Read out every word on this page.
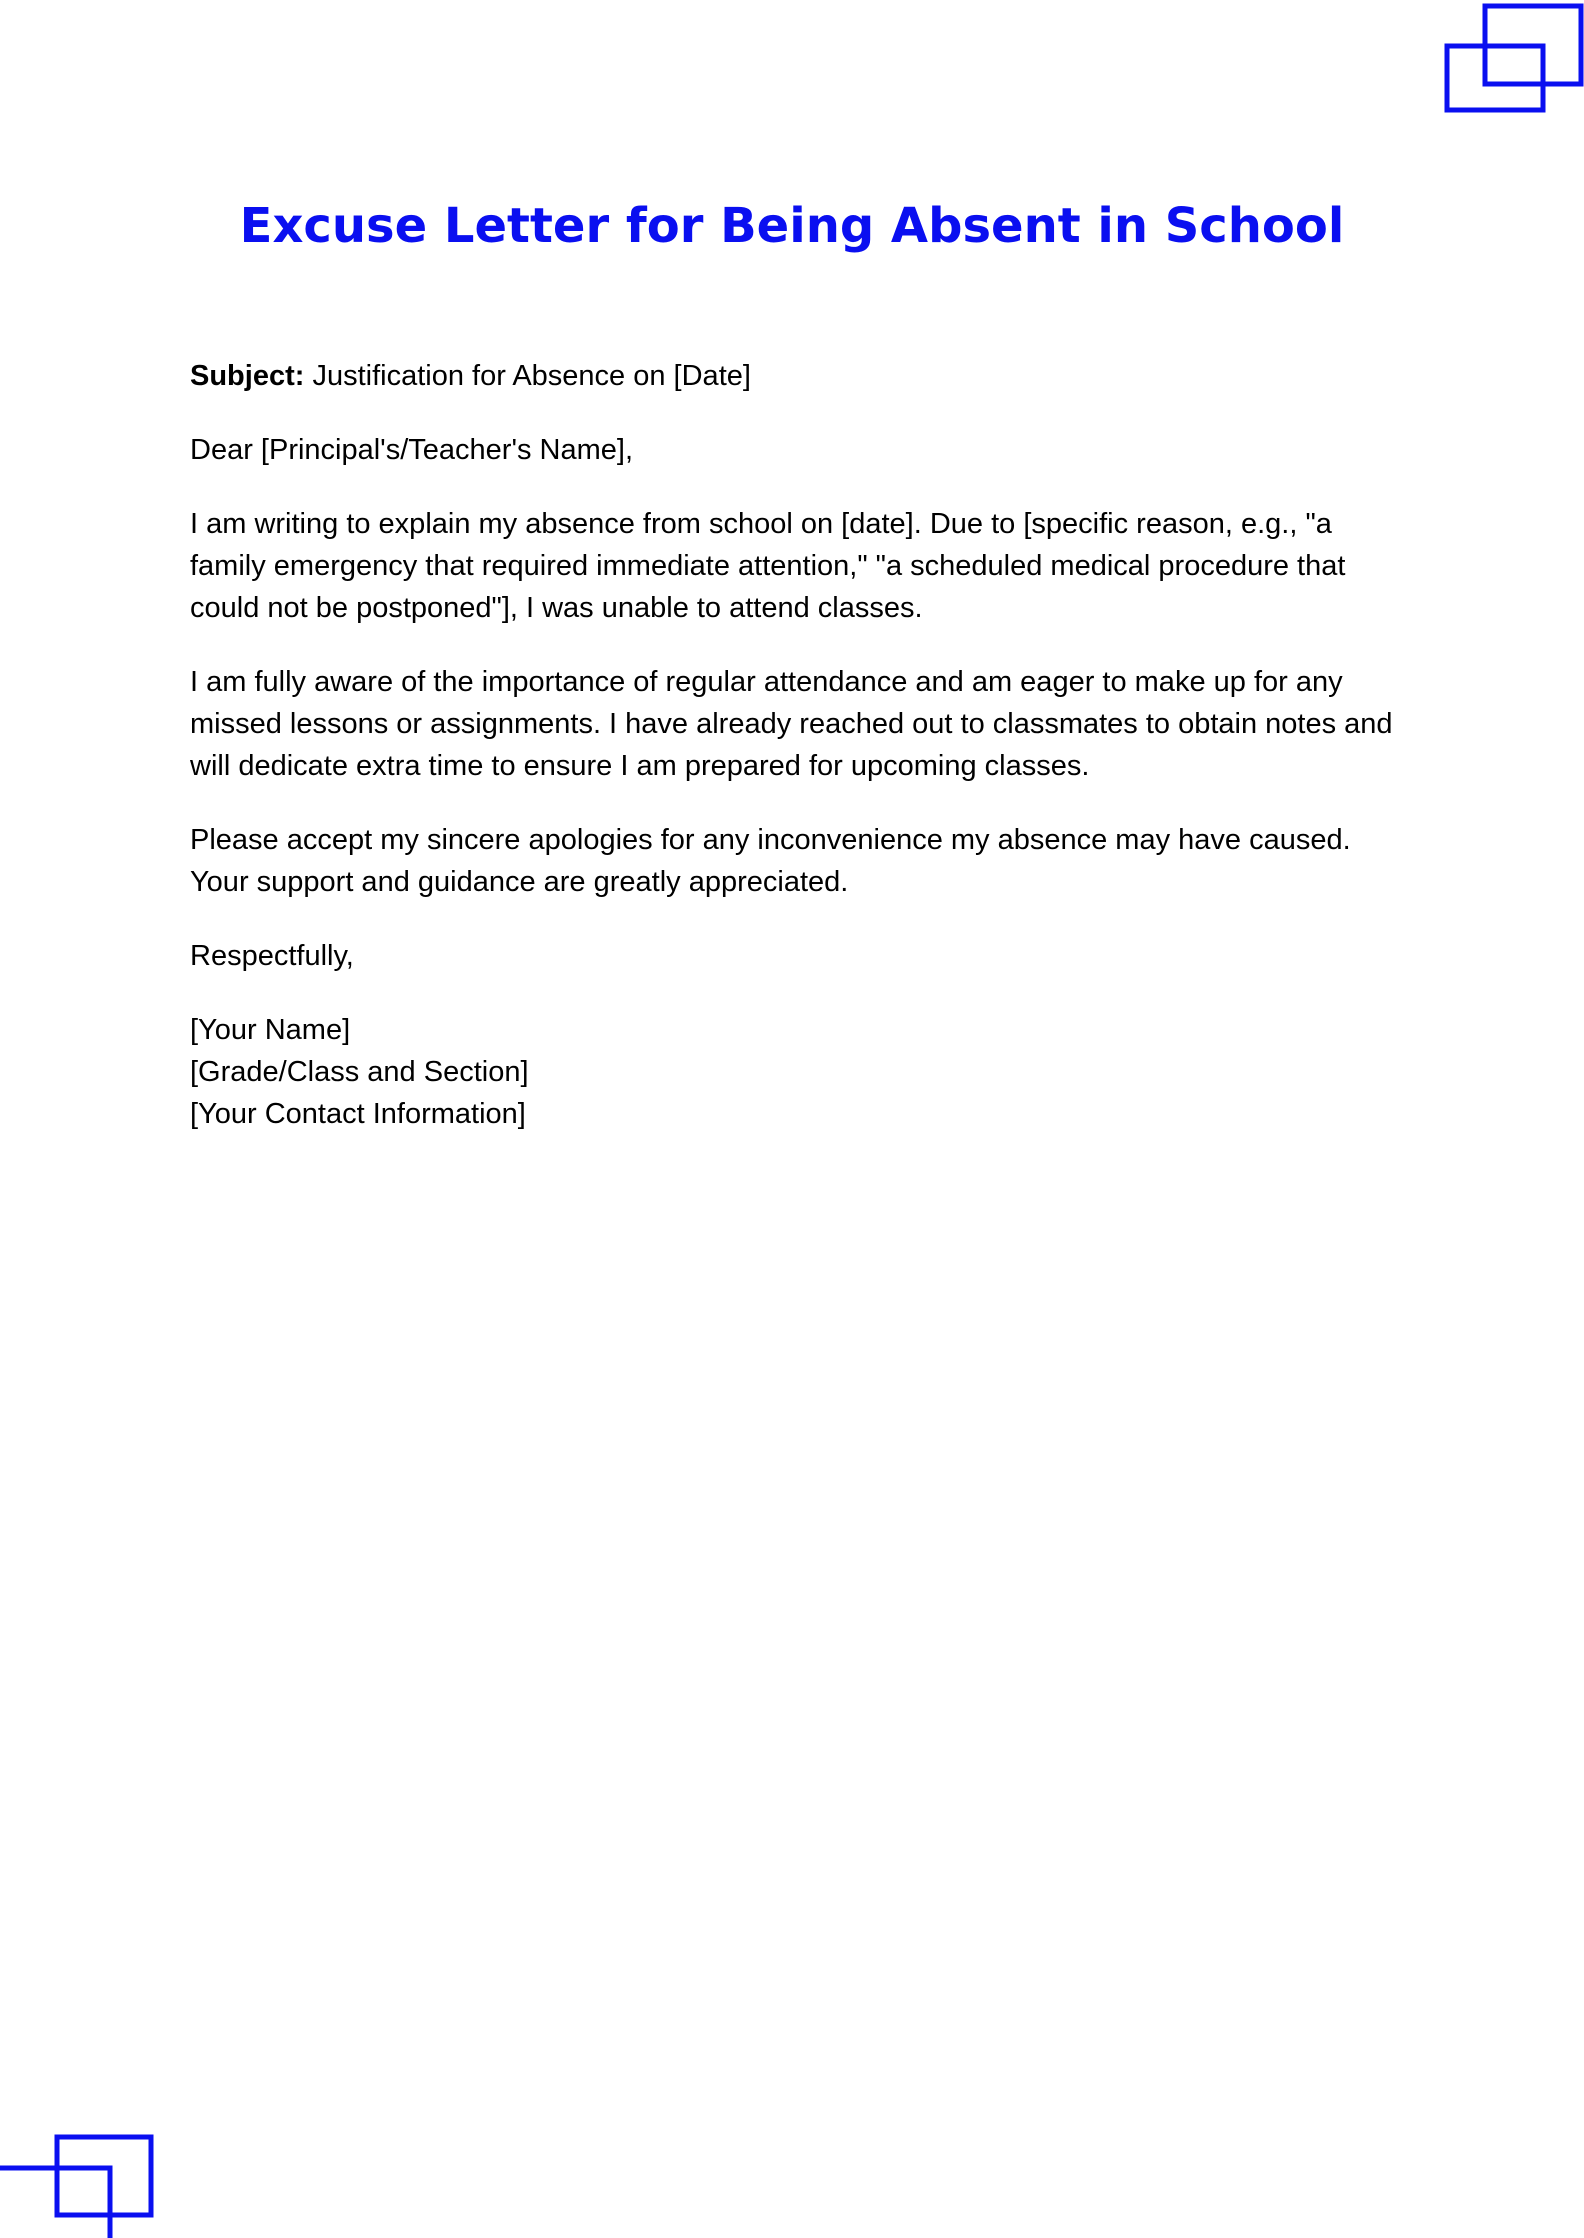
Excuse Letter for Being Absent in School

Subject: Justification for Absence on [Date]

Dear [Principal's/Teacher's Name],

I am writing to explain my absence from school on [date]. Due to [specific reason, e.g., "a family emergency that required immediate attention," "a scheduled medical procedure that could not be postponed"], I was unable to attend classes.

I am fully aware of the importance of regular attendance and am eager to make up for any missed lessons or assignments. I have already reached out to classmates to obtain notes and will dedicate extra time to ensure I am prepared for upcoming classes.

Please accept my sincere apologies for any inconvenience my absence may have caused. Your support and guidance are greatly appreciated.

Respectfully,

[Your Name]
[Grade/Class and Section]
[Your Contact Information]
